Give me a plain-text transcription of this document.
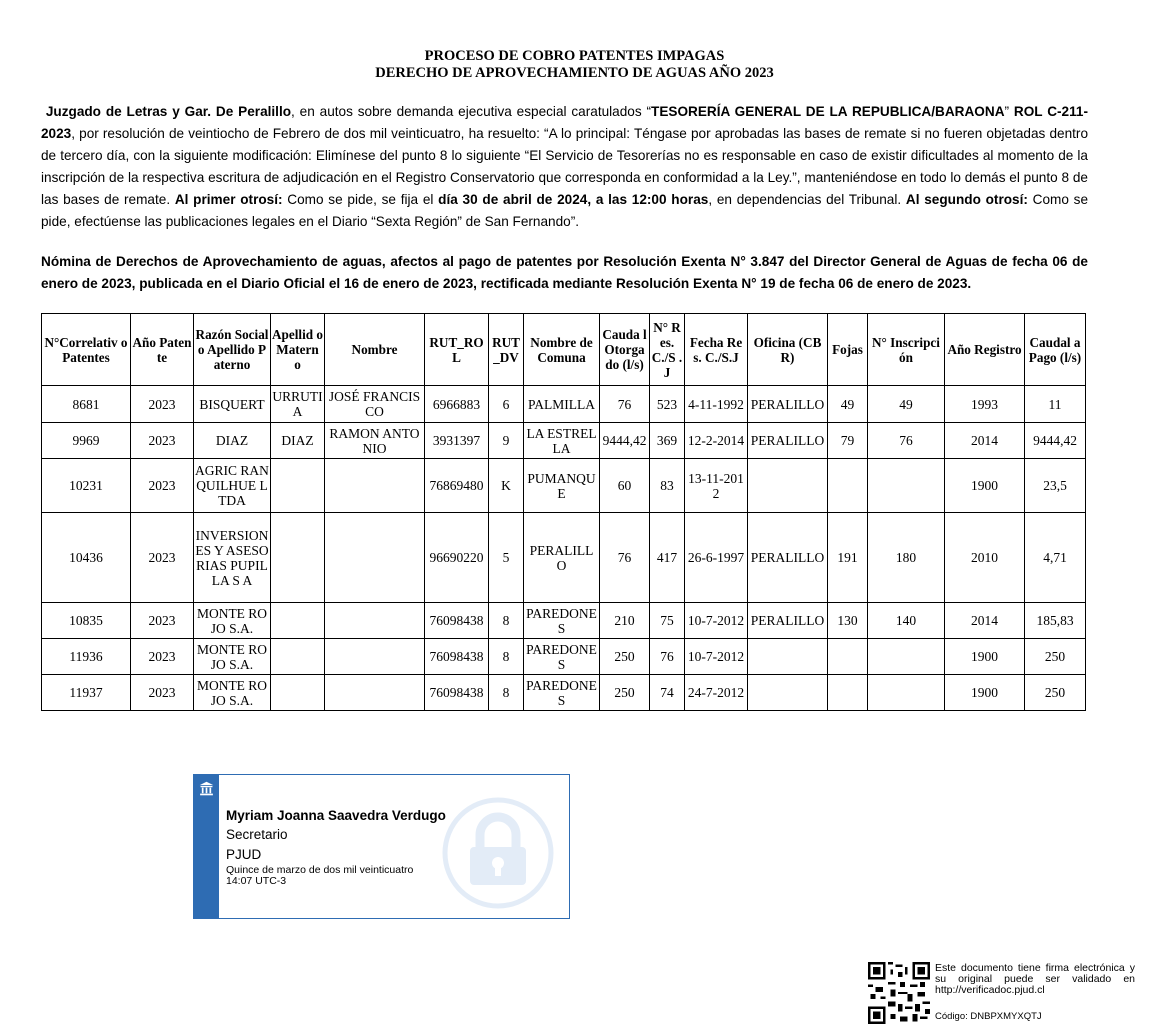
PROCESO DE COBRO PATENTES IMPAGAS
DERECHO DE APROVECHAMIENTO DE AGUAS AÑO 2023
Juzgado de Letras y Gar. De Peralillo, en autos sobre demanda ejecutiva especial caratulados “TESORERÍA GENERAL DE LA REPUBLICA/BARAONA” ROL C-211-2023, por resolución de veintiocho de Febrero de dos mil veinticuatro, ha resuelto: “A lo principal: Téngase por aprobadas las bases de remate si no fueren objetadas dentro de tercero día, con la siguiente modificación: Elimínese del punto 8 lo siguiente “El Servicio de Tesorerías no es responsable en caso de existir dificultades al momento de la inscripción de la respectiva escritura de adjudicación en el Registro Conservatorio que corresponda en conformidad a la Ley.”, manteniéndose en todo lo demás el punto 8 de las bases de remate. Al primer otrosí: Como se pide, se fija el día 30 de abril de 2024, a las 12:00 horas, en dependencias del Tribunal. Al segundo otrosí: Como se pide, efectúense las publicaciones legales en el Diario “Sexta Región” de San Fernando”.
Nómina de Derechos de Aprovechamiento de aguas, afectos al pago de patentes por Resolución Exenta N° 3.847 del Director General de Aguas de fecha 06 de enero de 2023, publicada en el Diario Oficial el 16 de enero de 2023, rectificada mediante Resolución Exenta N° 19 de fecha 06 de enero de 2023.
N°Correlativ o Patentes	Año Patente	Razón Social o Apellido Paterno	Apellid o Matern o	Nombre	RUT_RO L	RUT _DV	Nombre de Comuna	Cauda l Otorga do (l/s)	N° Res. C./S .J	Fecha Res. C./S.J	Oficina (CBR)	Fojas	N° Inscripción	Año Registro	Caudal a Pago (l/s)
8681	2023	BISQUERT	URRUTIA	JOSÉ FRANCISCO	6966883	6	PALMILLA	76	523	4-11-1992	PERALILLO	49	49	1993	11
9969	2023	DIAZ	DIAZ	RAMON ANTONIO	3931397	9	LA ESTRELLA	9444,42	369	12-2-2014	PERALILLO	79	76	2014	9444,42
10231	2023	AGRIC RANQUILHUE LTDA			76869480	K	PUMANQUE	60	83	13-11-2012				1900	23,5
10436	2023	INVERSIONES Y ASESORIAS PUPILLA S A			96690220	5	PERALILLO	76	417	26-6-1997	PERALILLO	191	180	2010	4,71
10835	2023	MONTE ROJO S.A.			76098438	8	PAREDONES	210	75	10-7-2012	PERALILLO	130	140	2014	185,83
11936	2023	MONTE ROJO S.A.			76098438	8	PAREDONES	250	76	10-7-2012				1900	250
11937	2023	MONTE ROJO S.A.			76098438	8	PAREDONES	250	74	24-7-2012				1900	250
Myriam Joanna Saavedra Verdugo
Secretario
PJUD
Quince de marzo de dos mil veinticuatro
14:07 UTC-3
Este documento tiene firma electrónica y su original puede ser validado en http://verificadoc.pjud.cl
Código: DNBPXMYXQTJ
